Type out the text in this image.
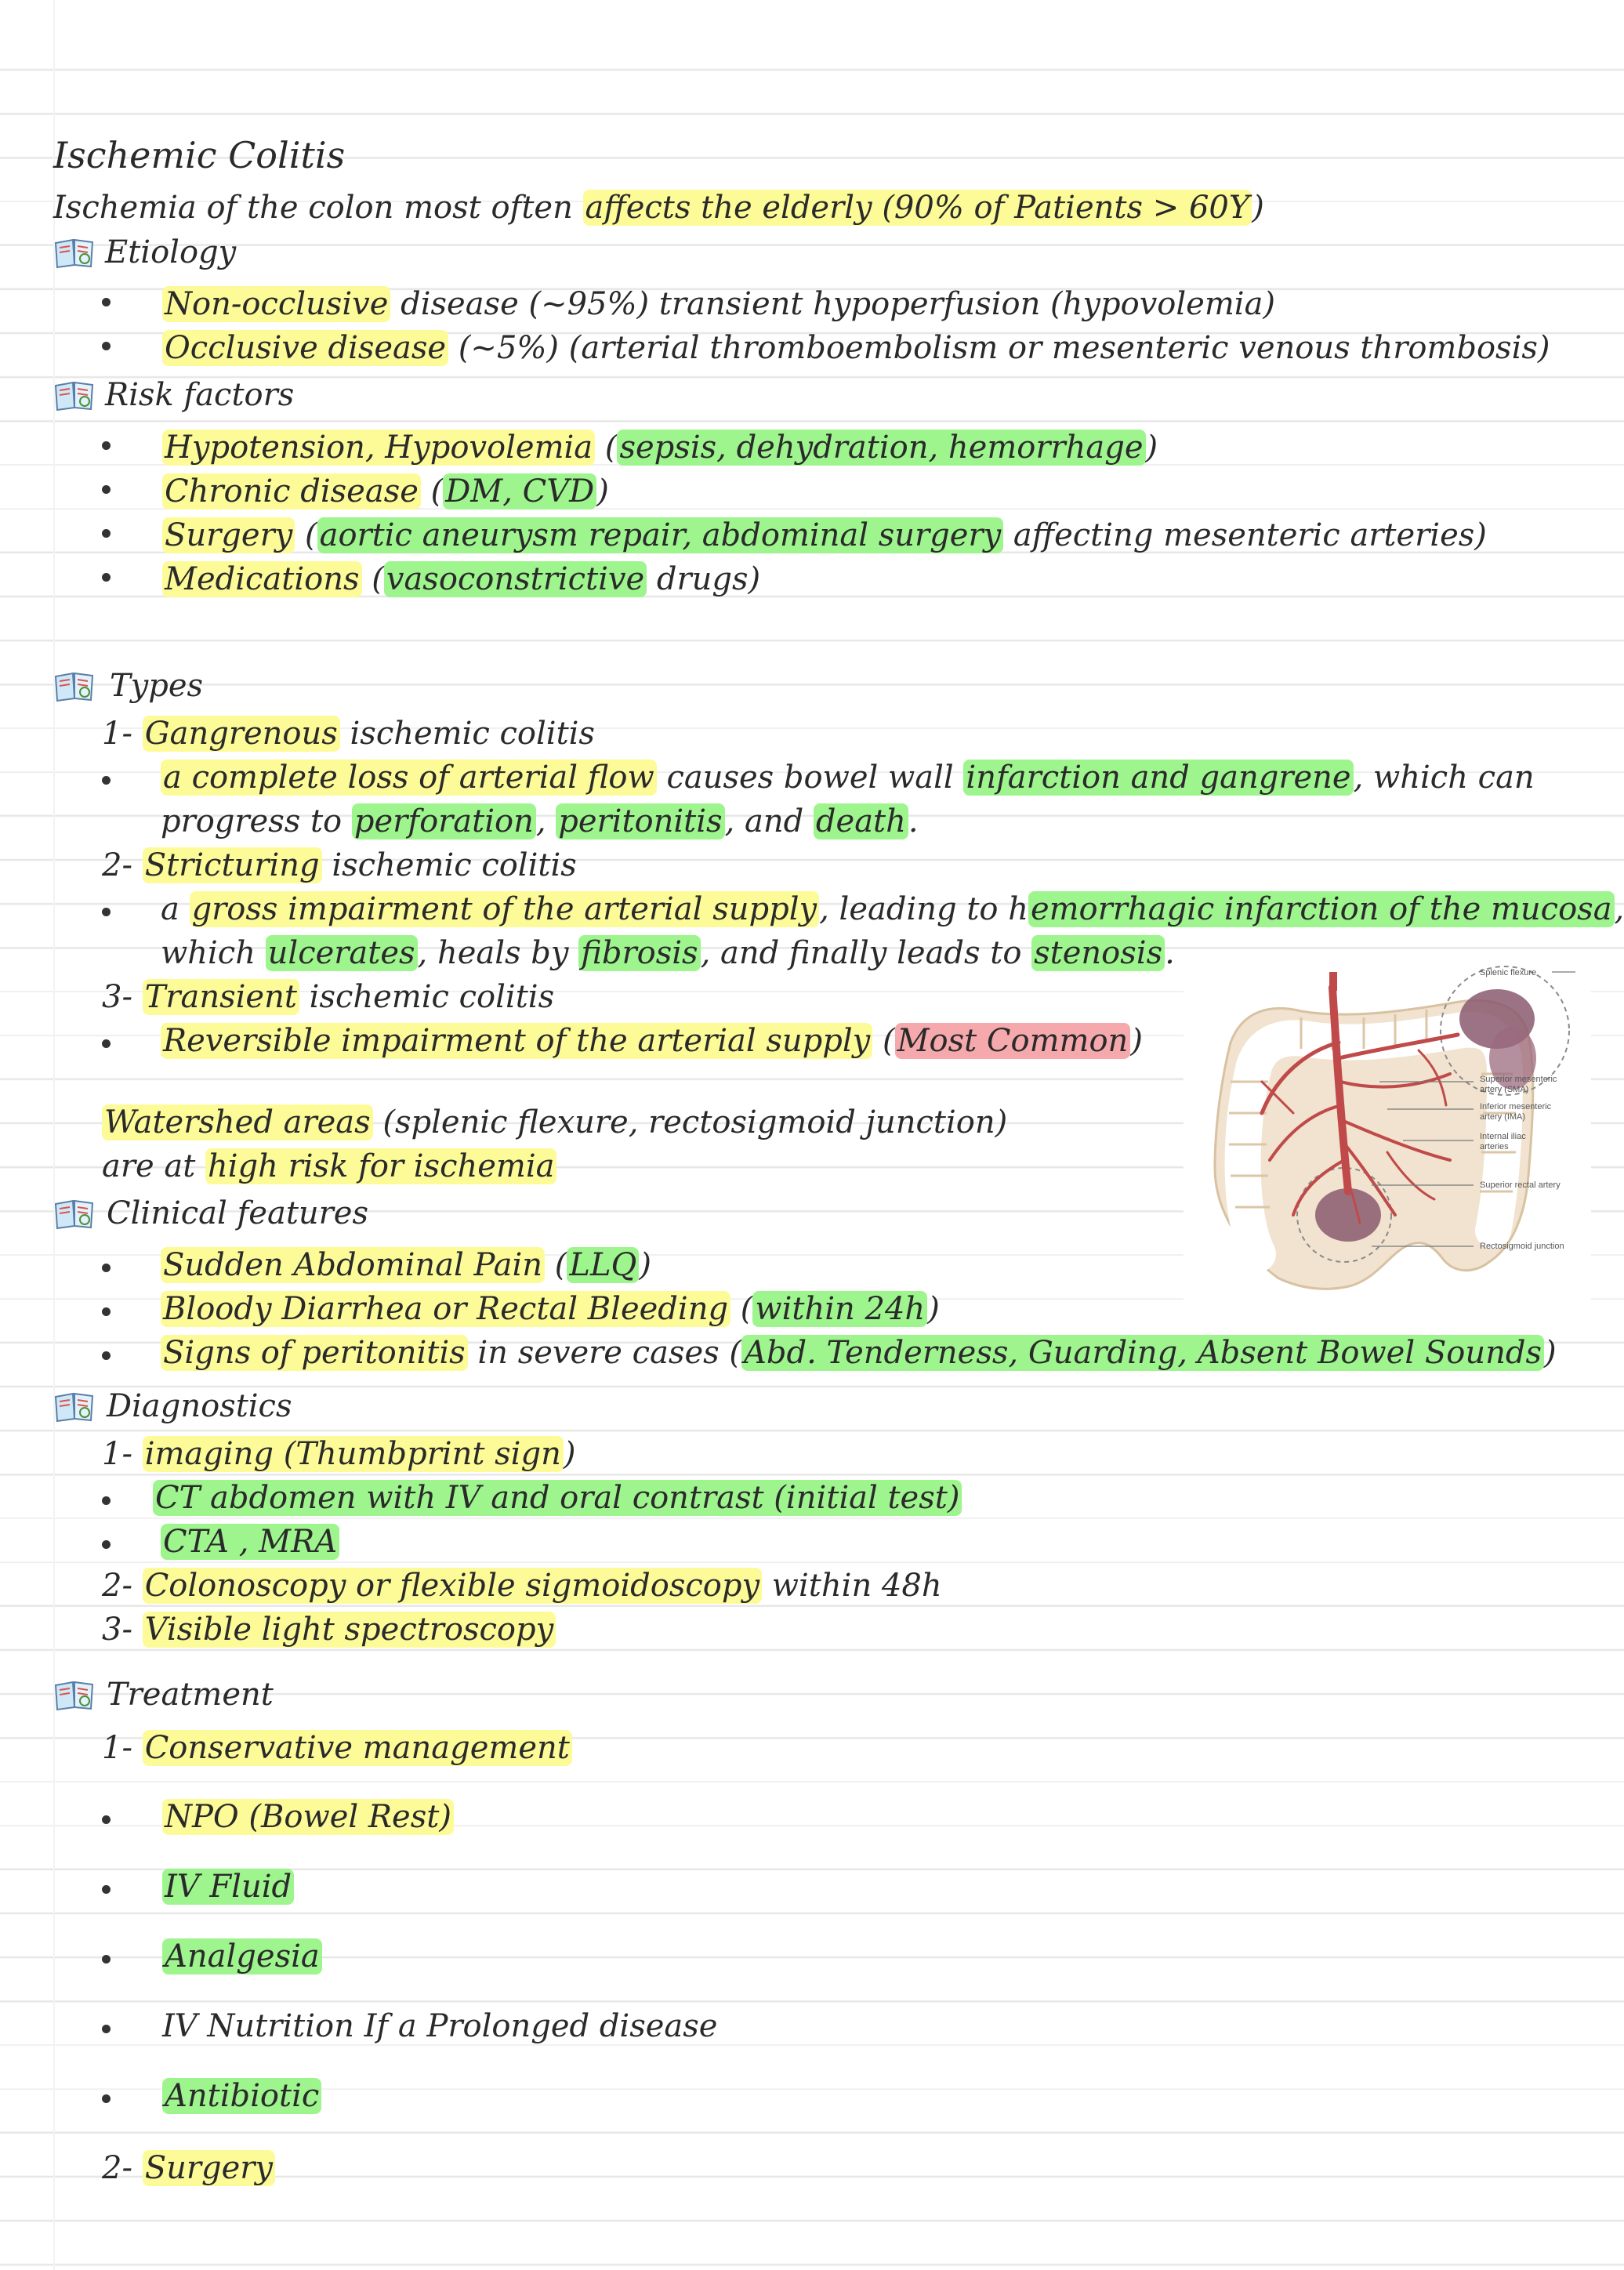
Ischemic Colitis
Ischemia of the colon most often affects the elderly (90% of Patients > 60Y)
Etiology
Non-occlusive disease (~95%) transient hypoperfusion (hypovolemia)
Occlusive disease (~5%) (arterial thromboembolism or mesenteric venous thrombosis)
Risk factors
Hypotension, Hypovolemia (sepsis, dehydration, hemorrhage)
Chronic disease (DM, CVD)
Surgery (aortic aneurysm repair, abdominal surgery affecting mesenteric arteries)
Medications (vasoconstrictive drugs)
Types
1- Gangrenous ischemic colitis
a complete loss of arterial flow causes bowel wall infarction and gangrene, which can
progress to perforation, peritonitis, and death.
2- Stricturing ischemic colitis
a gross impairment of the arterial supply, leading to hemorrhagic infarction of the mucosa,
which ulcerates, heals by fibrosis, and finally leads to stenosis.
3- Transient ischemic colitis
Reversible impairment of the arterial supply (Most Common)
Watershed areas (splenic flexure, rectosigmoid junction)
are at high risk for ischemia
Clinical features
Sudden Abdominal Pain (LLQ)
Bloody Diarrhea or Rectal Bleeding (within 24h)
Signs of peritonitis in severe cases (Abd. Tenderness, Guarding, Absent Bowel Sounds)
Diagnostics
1- imaging (Thumbprint sign)
CT abdomen with IV and oral contrast (initial test)
CTA , MRA
2- Colonoscopy or flexible sigmoidoscopy within 48h
3- Visible light spectroscopy
Treatment
1- Conservative management
NPO (Bowel Rest)
IV Fluid
Analgesia
IV Nutrition If a Prolonged disease
Antibiotic
2- Surgery
Splenic flexure
Superior mesenteric
artery (SMA)
Inferior mesenteric
artery (IMA)
Internal iliac
arteries
Superior rectal artery
Rectosigmoid junction
